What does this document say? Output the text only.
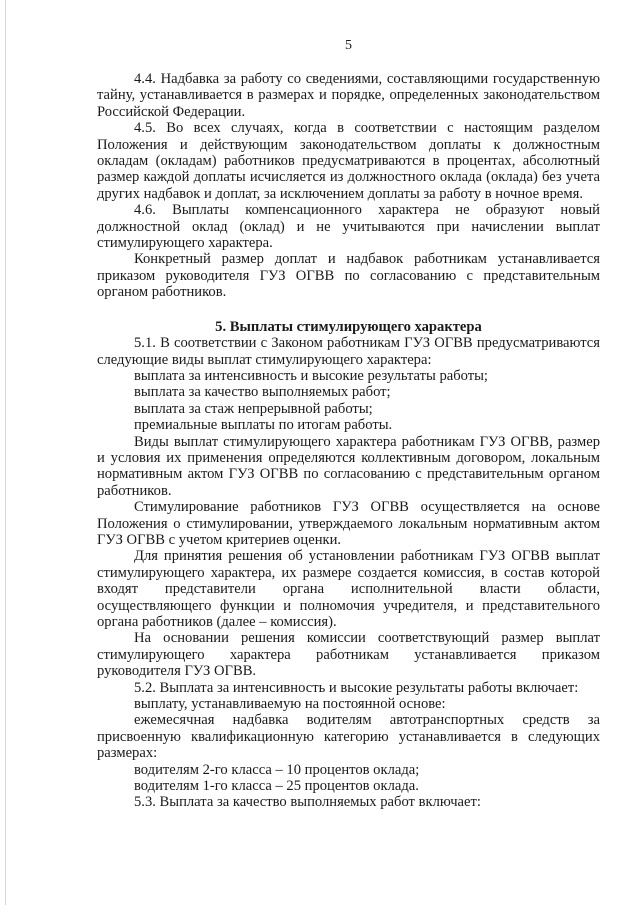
5

4.4. Надбавка за работу со сведениями, составляющими государственную тайну, устанавливается в размерах и порядке, определенных законодательством Российской Федерации.

4.5. Во всех случаях, когда в соответствии с настоящим разделом Положения и действующим законодательством доплаты к должностным окладам (окладам) работников предусматриваются в процентах, абсолютный размер каждой доплаты исчисляется из должностного оклада (оклада) без учета других надбавок и доплат, за исключением доплаты за работу в ночное время.

4.6. Выплаты компенсационного характера не образуют новый должностной оклад (оклад) и не учитываются при начислении выплат стимулирующего характера.

Конкретный размер доплат и надбавок работникам устанавливается приказом руководителя ГУЗ ОГВВ по согласованию с представительным органом работников.

5. Выплаты стимулирующего характера

5.1. В соответствии с Законом работникам ГУЗ ОГВВ предусматриваются следующие виды выплат стимулирующего характера:

выплата за интенсивность и высокие результаты работы;

выплата за качество выполняемых работ;

выплата за стаж непрерывной работы;

премиальные выплаты по итогам работы.

Виды выплат стимулирующего характера работникам ГУЗ ОГВВ, размер и условия их применения определяются коллективным договором, локальным нормативным актом ГУЗ ОГВВ по согласованию с представительным органом работников.

Стимулирование работников ГУЗ ОГВВ осуществляется на основе Положения о стимулировании, утверждаемого локальным нормативным актом ГУЗ ОГВВ с учетом критериев оценки.

Для принятия решения об установлении работникам ГУЗ ОГВВ выплат стимулирующего характера, их размере создается комиссия, в состав которой входят представители органа исполнительной власти области, осуществляющего функции и полномочия учредителя, и представительного органа работников (далее – комиссия).

На основании решения комиссии соответствующий размер выплат стимулирующего характера работникам устанавливается приказом руководителя ГУЗ ОГВВ.

5.2. Выплата за интенсивность и высокие результаты работы включает:

выплату, устанавливаемую на постоянной основе:

ежемесячная надбавка водителям автотранспортных средств за присвоенную квалификационную категорию устанавливается в следующих размерах:

водителям 2-го класса – 10 процентов оклада;

водителям 1-го класса – 25 процентов оклада.

5.3. Выплата за качество выполняемых работ включает:
